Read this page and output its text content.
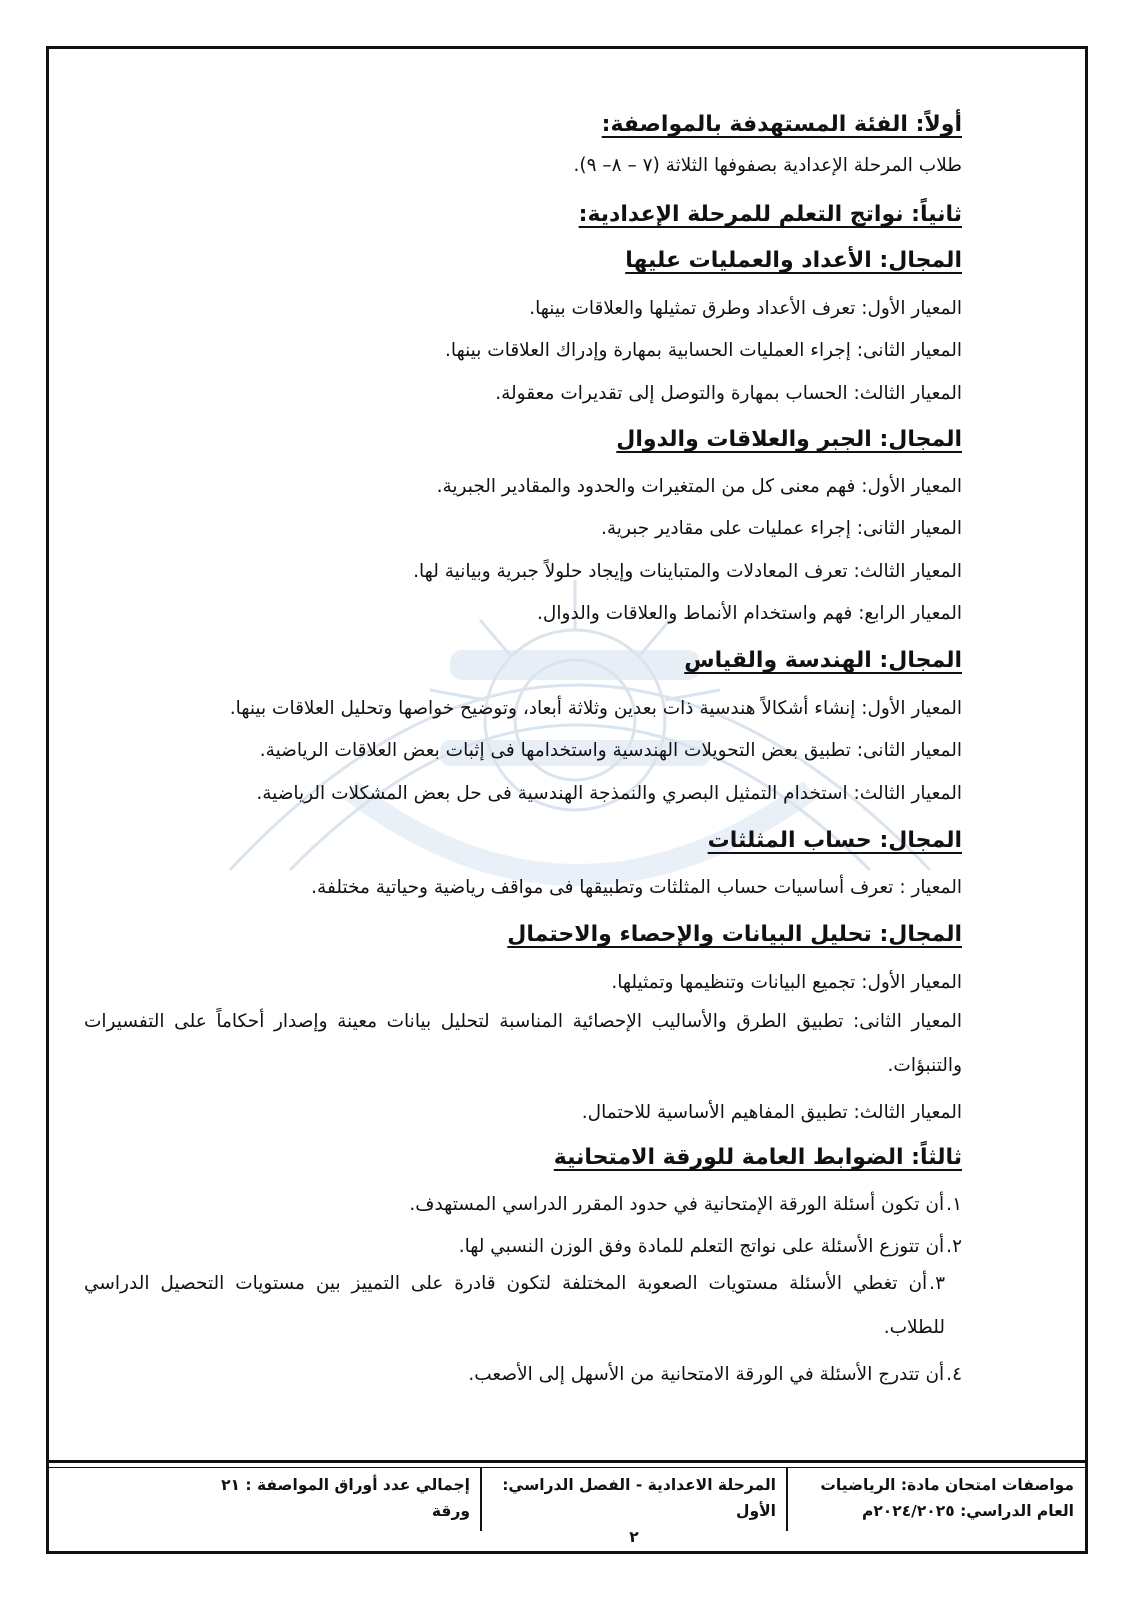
أولاً: الفئة المستهدفة بالمواصفة:
طلاب المرحلة الإعدادية بصفوفها الثلاثة (٧ – ٨– ٩).
ثانياً: نواتج التعلم للمرحلة الإعدادية:
المجال: الأعداد والعمليات عليها
المعيار الأول: تعرف الأعداد وطرق تمثيلها والعلاقات بينها.
المعيار الثانى: إجراء العمليات الحسابية بمهارة وإدراك العلاقات بينها.
المعيار الثالث: الحساب بمهارة والتوصل إلى تقديرات معقولة.
المجال: الجبر والعلاقات والدوال
المعيار الأول: فهم معنى كل من المتغيرات والحدود والمقادير الجبرية.
المعيار الثانى: إجراء عمليات على مقادير جبرية.
المعيار الثالث: تعرف المعادلات والمتباينات وإيجاد حلولاً جبرية وبيانية لها.
المعيار الرابع: فهم واستخدام الأنماط والعلاقات والدوال.
المجال: الهندسة والقياس
المعيار الأول: إنشاء أشكالاً هندسية ذات بعدين وثلاثة أبعاد، وتوضيح خواصها وتحليل العلاقات بينها.
المعيار الثانى: تطبيق بعض التحويلات الهندسية واستخدامها فى إثبات بعض العلاقات الرياضية.
المعيار الثالث: استخدام التمثيل البصري والنمذجة الهندسية فى حل بعض المشكلات الرياضية.
المجال: حساب المثلثات
المعيار : تعرف أساسيات حساب المثلثات وتطبيقها فى مواقف رياضية وحياتية مختلفة.
المجال: تحليل البيانات والإحصاء والاحتمال
المعيار الأول: تجميع البيانات وتنظيمها وتمثيلها.
المعيار الثانى: تطبيق الطرق والأساليب الإحصائية المناسبة لتحليل بيانات معينة وإصدار أحكاماً على التفسيرات والتنبؤات.
المعيار الثالث: تطبيق المفاهيم الأساسية للاحتمال.
ثالثاً: الضوابط العامة للورقة الامتحانية
١.أن تكون أسئلة الورقة الإمتحانية في حدود المقرر الدراسي المستهدف.
٢.أن تتوزع الأسئلة على نواتج التعلم للمادة وفق الوزن النسبي لها.
٣.أن تغطي الأسئلة مستويات الصعوبة المختلفة لتكون قادرة على التمييز بين مستويات التحصيل الدراسي للطلاب.
٤.أن تتدرج الأسئلة في الورقة الامتحانية من الأسهل إلى الأصعب.
مواصفات امتحان مادة: الرياضيات
العام الدراسي: ٢٠٢٤/٢٠٢٥م
المرحلة الاعدادية - الفصل الدراسي: الأول
٢
إجمالي عدد أوراق المواصفة : ٢١ ورقة
